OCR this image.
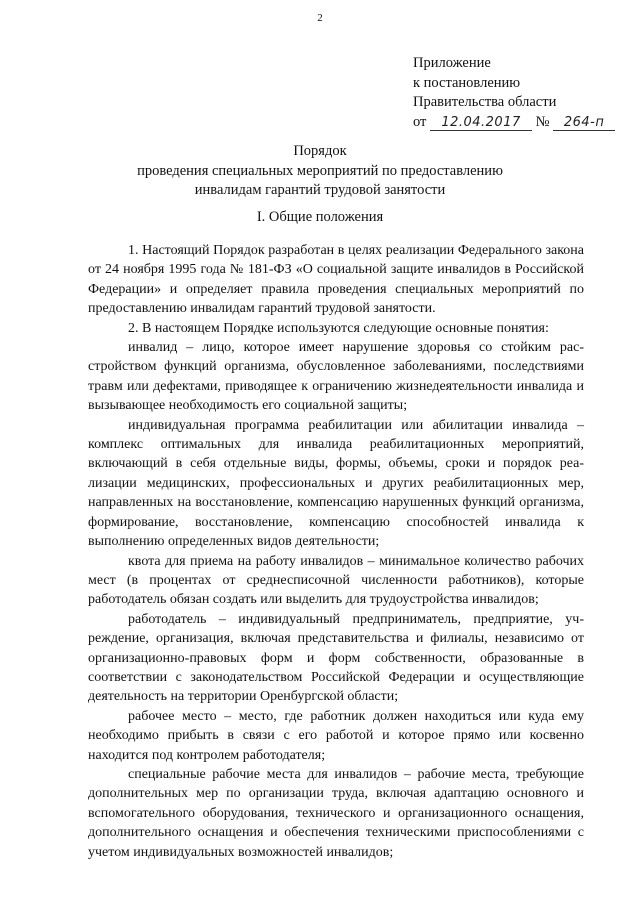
2
Приложение
к постановлению
Правительства области
от 12.04.2017 № 264-п
Порядок
проведения специальных мероприятий по предоставлению
инвалидам гарантий трудовой занятости
I. Общие положения

1. Настоящий Порядок разработан в целях реализации Федерального закона от 24 ноября 1995 года № 181-ФЗ «О социальной защите инвалидов в Российской Федерации» и определяет правила проведения специальных мероприятий по предоставлению инвалидам гарантий трудовой занятости.

2. В настоящем Порядке используются следующие основные понятия:

инвалид – лицо, которое имеет нарушение здоровья со стойким расстройством функций организма, обусловленное заболеваниями, последствиями травм или дефектами, приводящее к ограничению жизнедеятельности инвалида и вызывающее необходимость его социальной защиты;

индивидуальная программа реабилитации или абилитации инвалида – комплекс оптимальных для инвалида реабилитационных мероприятий, включающий в себя отдельные виды, формы, объемы, сроки и порядок реализации медицинских, профессиональных и других реабилитационных мер, направленных на восстановление, компенсацию нарушенных функций организма, формирование, восстановление, компенсацию способностей инвалида к выполнению определенных видов деятельности;

квота для приема на работу инвалидов – минимальное количество рабочих мест (в процентах от среднесписочной численности работников), которые работодатель обязан создать или выделить для трудоустройства инвалидов;

работодатель – индивидуальный предприниматель, предприятие, учреждение, организация, включая представительства и филиалы, независимо от организационно-правовых форм и форм собственности, образованные в соответствии с законодательством Российской Федерации и осуществляющие деятельность на территории Оренбургской области;

рабочее место – место, где работник должен находиться или куда ему необходимо прибыть в связи с его работой и которое прямо или косвенно находится под контролем работодателя;

специальные рабочие места для инвалидов – рабочие места, требующие дополнительных мер по организации труда, включая адаптацию основного и вспомогательного оборудования, технического и организационного оснащения, дополнительного оснащения и обеспечения техническими приспособлениями с учетом индивидуальных возможностей инвалидов;
